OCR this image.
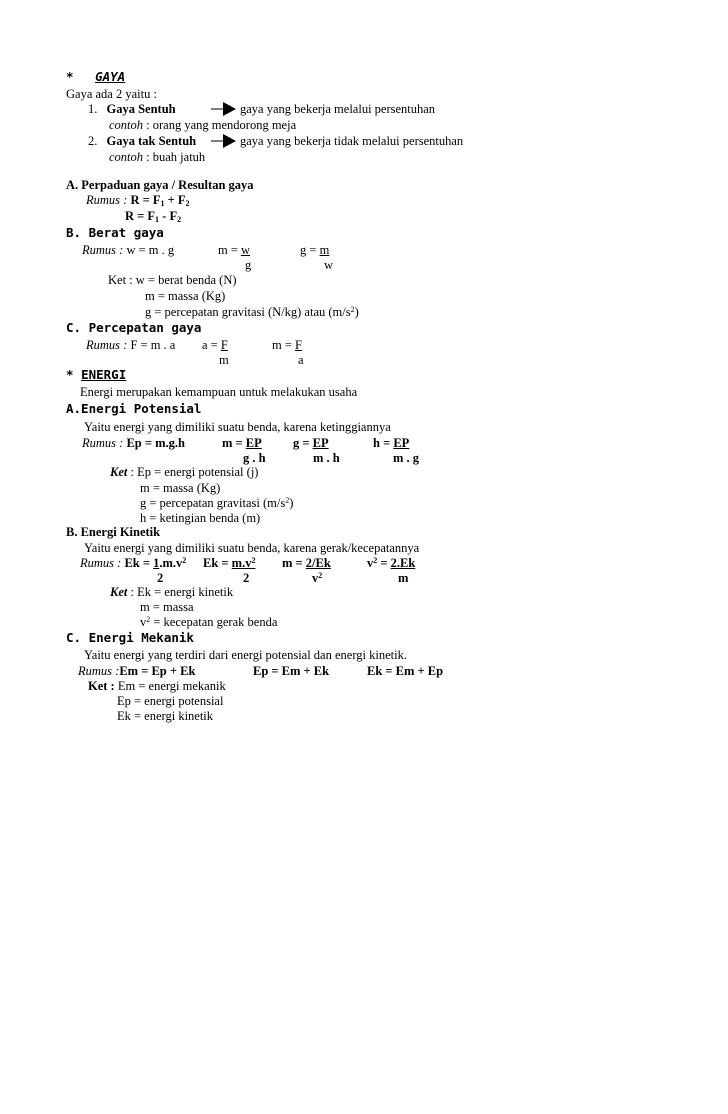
* GAYA
Gaya ada 2 yaitu :
1. Gaya Sentuh	gaya yang bekerja melalui persentuhan
contoh : orang yang mendorong meja
2. Gaya tak Sentuh	gaya yang bekerja tidak melalui persentuhan
contoh : buah jatuh
A. Perpaduan gaya / Resultan gaya
Rumus : $R = F_1 + F_2$
$R = F_1 - F_2$
B. Berat gaya
Rumus : w = m . g	m = w
g
g = m
w
Ket : w = berat benda (N)
m = massa (Kg)
g = percepatan gravitasi (N/kg) atau $(m/s^2)$
C. Percepatan gaya
Rumus : F = m . a a = F
m
m = F
a
* ENERGI
Energi merupakan kemampuan untuk melakukan usaha
A.Energi Potensial
Yaitu energi yang dimiliki suatu benda, karena ketinggiannya
Rumus : Ep = m.g.h	m = EP
g . h
g = EP
m . h
h = EP
m . g
Ket : Ep = energi potensial (j)
m = massa (Kg)
g = percepatan gravitasi $(m/s^2)$
h = ketingian benda (m)
B. Energi Kinetik
Yaitu energi yang dimiliki suatu benda, karena gerak/kecepatannya
Rumus : $Ek = 1.m.v^2$
2
$Ek = m.v^2$
2
m = 2/Ek
$v^2$
$v^2 = 2.Ek$
m
Ket : Ek = energi kinetik
m = massa
$v^2$ = kecepatan gerak benda
C. Energi Mekanik
Yaitu energi yang terdiri dari energi potensial dan energi kinetik.
Rumus :Em = Ep + Ek	Ep = Em + Ek	Ek = Em + Ep
Ket : Em = energi mekanik
Ep = energi potensial
Ek = energi kinetik
